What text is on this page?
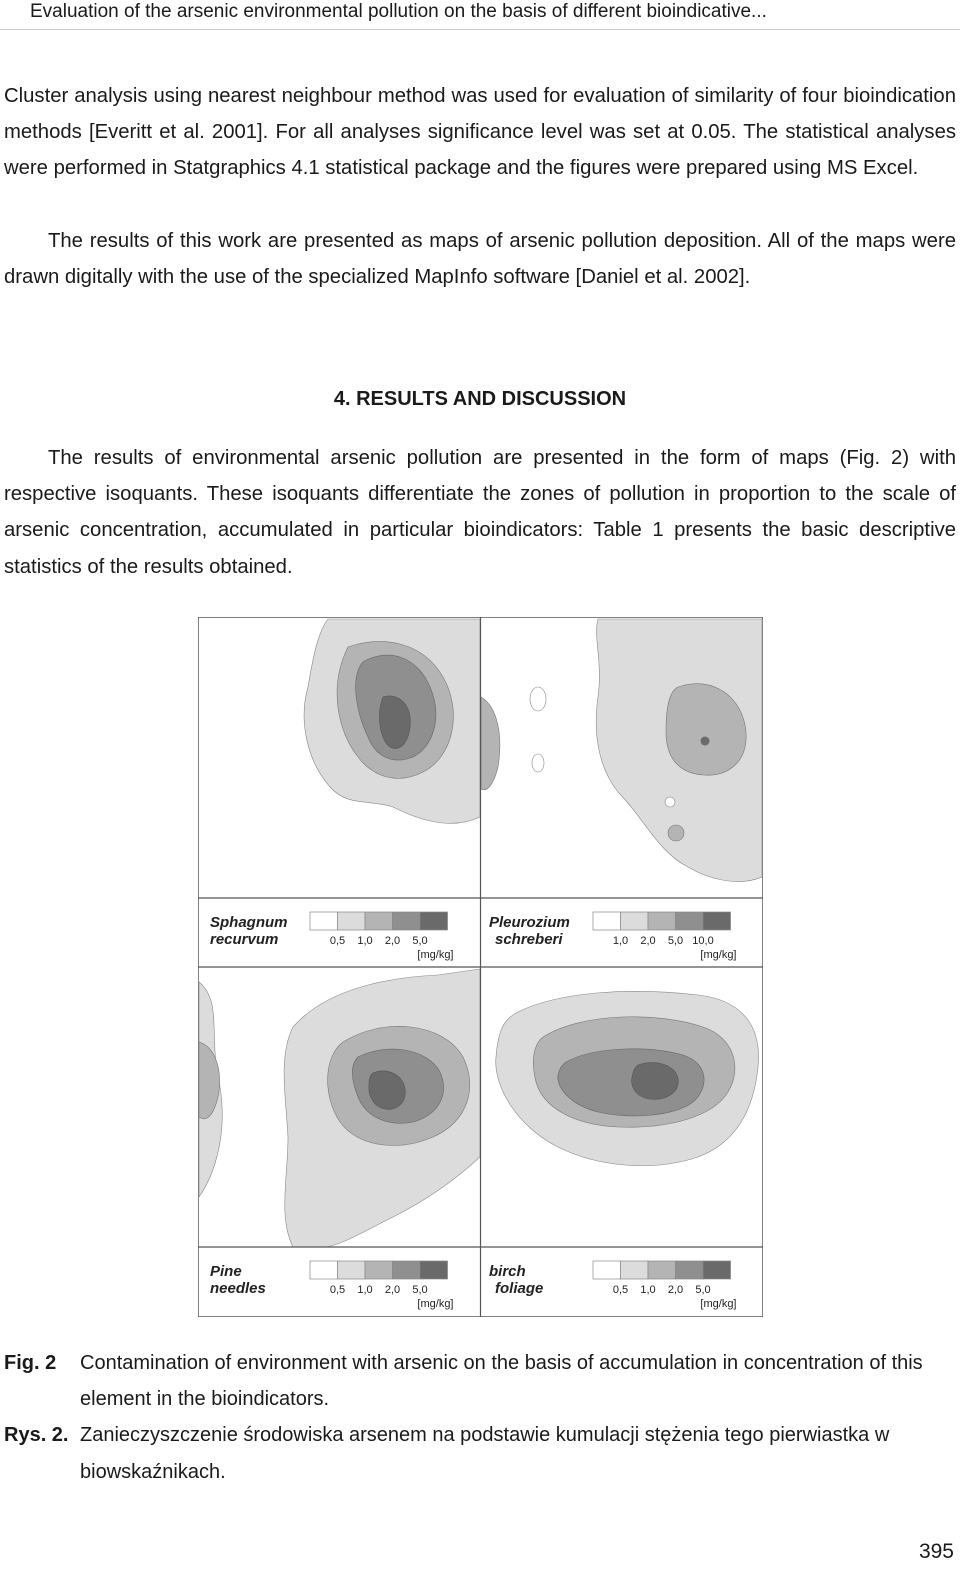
Evaluation of the arsenic environmental pollution on the basis of different bioindicative...

Cluster analysis using nearest neighbour method was used for evaluation of similarity of four bioindication methods [Everitt et al. 2001]. For all analyses significance level was set at 0.05. The statistical analyses were performed in Statgraphics 4.1 statistical package and the figures were prepared using MS Excel.

The results of this work are presented as maps of arsenic pollution deposition. All of the maps were drawn digitally with the use of the specialized MapInfo software [Daniel et al. 2002].

4. RESULTS AND DISCUSSION

The results of environmental arsenic pollution are presented in the form of maps (Fig. 2) with respective isoquants. These isoquants differentiate the zones of pollution in proportion to the scale of arsenic concentration, accumulated in particular bioindicators: Table 1 presents the basic descriptive statistics of the results obtained.

Sphagnum
recurvum	0,5 1,0 2,0 5,0
[mg/kg]
Pleurozium
schreberi	1,0 2,0 5,0 10,0
[mg/kg]
Pine
needles	0,5 1,0 2,0 5,0
[mg/kg]
birch
foliage	0,5 1,0 2,0 5,0
[mg/kg]
Fig. 2 Contamination of environment with arsenic on the basis of accumulation in concentration of this element in the bioindicators.
Rys. 2. Zanieczyszczenie środowiska arsenem na podstawie kumulacji stężenia tego pierwiastka w biowskaźnikach.
395
